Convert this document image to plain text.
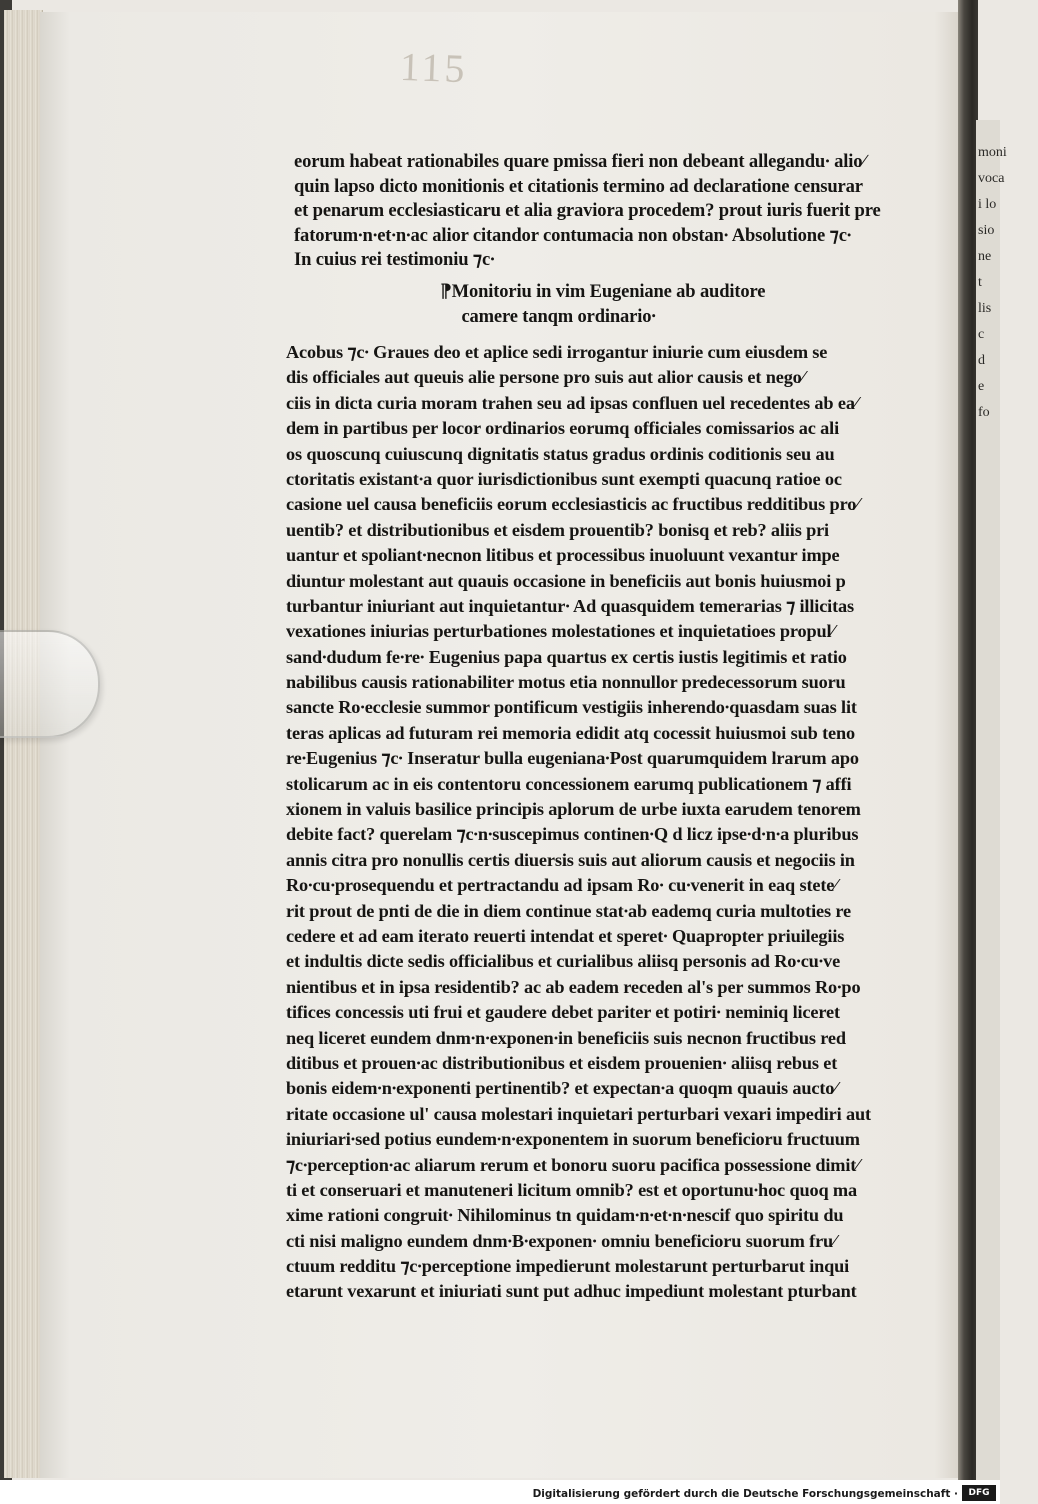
moni
voca
i lo
sio
ne
t
lis
c
d
e
fo
115
eorum habeat rationabiles quare pmissa fieri non debeant allegandu∙ alio∕
quin lapso dicto monitionis et citationis termino ad declaratione censurar
et penarum ecclesiasticaru et alia graviora procedem? prout iuris fuerit pre
fatorum∙n∙et∙n∙ac alior citandor contumacia non obstan∙ Absolutione ⁊c∙
In cuius rei testimoniu ⁊c∙
⁋Monitoriu in vim Eugeniane ab auditore
camere tanqm ordinario∙
Acobus ⁊c∙ Graues deo et aplice sedi irrogantur iniurie cum eiusdem se
dis officiales aut queuis alie persone pro suis aut alior causis et nego∕
ciis in dicta curia moram trahen seu ad ipsas confluen uel recedentes ab ea∕
dem in partibus per locor ordinarios eorumq officiales comissarios ac ali
os quoscunq cuiuscunq dignitatis status gradus ordinis coditionis seu au
ctoritatis existant∙a quor iurisdictionibus sunt exempti quacunq ratioe oc
casione uel causa beneficiis eorum ecclesiasticis ac fructibus redditibus pro∕
uentib? et distributionibus et eisdem prouentib? bonisq et reb? aliis pri
uantur et spoliant∙necnon litibus et processibus inuoluunt vexantur impe
diuntur molestant aut quauis occasione in beneficiis aut bonis huiusmoi p
turbantur iniuriant aut inquietantur∙ Ad quasquidem temerarias ⁊ illicitas
vexationes iniurias perturbationes molestationes et inquietatioes propul∕
sand∙dudum fe∙re∙ Eugenius papa quartus ex certis iustis legitimis et ratio
nabilibus causis rationabiliter motus etia nonnullor predecessorum suoru
sancte Ro∙ecclesie summor pontificum vestigiis inherendo∙quasdam suas lit
teras aplicas ad futuram rei memoria edidit atq cocessit huiusmoi sub teno
re∙Eugenius ⁊c∙ Inseratur bulla eugeniana∙Post quarumquidem lrarum apo
stolicarum ac in eis contentoru concessionem earumq publicationem ⁊ affi
xionem in valuis basilice principis aplorum de urbe iuxta earudem tenorem
debite fact? querelam ⁊c∙n∙suscepimus continen∙Q d licz ipse∙d∙n∙a pluribus
annis citra pro nonullis certis diuersis suis aut aliorum causis et negociis in
Ro∙cu∙prosequendu et pertractandu ad ipsam Ro∙ cu∙venerit in eaq stete∕
rit prout de pnti de die in diem continue stat∙ab eademq curia multoties re
cedere et ad eam iterato reuerti intendat et speret∙ Quapropter priuilegiis
et indultis dicte sedis officialibus et curialibus aliisq personis ad Ro∙cu∙ve
nientibus et in ipsa residentib? ac ab eadem receden al's per summos Ro∙po
tifices concessis uti frui et gaudere debet pariter et potiri∙ neminiq liceret
neq liceret eundem dnm∙n∙exponen∙in beneficiis suis necnon fructibus red
ditibus et prouen∙ac distributionibus et eisdem prouenien∙ aliisq rebus et
bonis eidem∙n∙exponenti pertinentib? et expectan∙a quoqm quauis aucto∕
ritate occasione ul' causa molestari inquietari perturbari vexari impediri aut
iniuriari∙sed potius eundem∙n∙exponentem in suorum beneficioru fructuum
⁊c∙perception∙ac aliarum rerum et bonoru suoru pacifica possessione dimit∕
ti et conseruari et manuteneri licitum omnib? est et oportunu∙hoc quoq ma
xime rationi congruit∙ Nihilominus tn quidam∙n∙et∙n∙nescif quo spiritu du
cti nisi maligno eundem dnm∙B∙exponen∙ omniu beneficioru suorum fru∕
ctuum redditu ⁊c∙perceptione impedierunt molestarunt perturbarut inqui
etarunt vexarunt et iniuriati sunt put adhuc impediunt molestant pturbant
Digitalisierung gefördert durch die Deutsche Forschungsgemeinschaft ·	DFG
